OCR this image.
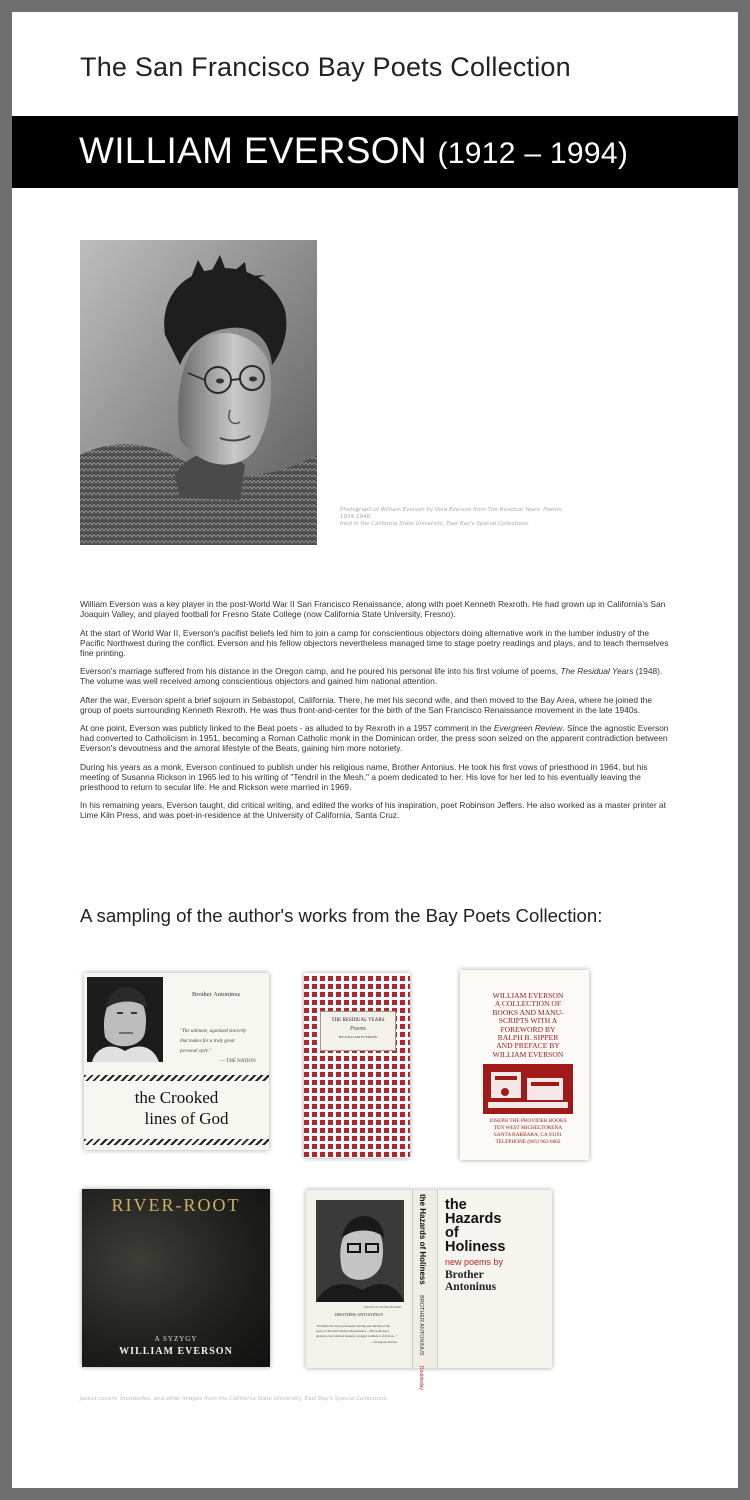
The San Francisco Bay Poets Collection
WILLIAM EVERSON (1912 – 1994)
Photograph of William Everson by Vera Everson from The Residual Years: Poems, 1934-1948,
held in the California State University, East Bay's Special Collections.

William Everson was a key player in the post-World War II San Francisco Renaissance, along with poet Kenneth Rexroth. He had grown up in California's San Joaquin Valley, and played football for Fresno State College (now California State University, Fresno).

At the start of World War II, Everson's pacifist beliefs led him to join a camp for conscientious objectors doing alternative work in the lumber industry of the Pacific Northwest during the conflict. Everson and his fellow objectors nevertheless managed time to stage poetry readings and plays, and to teach themselves fine printing.

Everson's marriage suffered from his distance in the Oregon camp, and he poured his personal life into his first volume of poems, The Residual Years (1948). The volume was well received among conscientious objectors and gained him national attention.

After the war, Everson spent a brief sojourn in Sebastopol, California. There, he met his second wife, and then moved to the Bay Area, where he joined the group of poets surrounding Kenneth Rexroth. He was thus front-and-center for the birth of the San Francisco Renaissance movement in the late 1940s.

At one point, Everson was publicly linked to the Beat poets - as alluded to by Rexroth in a 1957 comment in the Evergreen Review. Since the agnostic Everson had converted to Catholicism in 1951, becoming a Roman Catholic monk in the Dominican order, the press soon seized on the apparent contradiction between Everson's devoutness and the amoral lifestyle of the Beats, gaining him more notoriety.

During his years as a monk, Everson continued to publish under his religious name, Brother Antonius. He took his first vows of priesthood in 1964, but his meeting of Susanna Rickson in 1965 led to his writing of "Tendril in the Mesh," a poem dedicated to her. His love for her led to his eventually leaving the priesthood to return to secular life. He and Rickson were married in 1969.

In his remaining years, Everson taught, did critical writing, and edited the works of his inspiration, poet Robinson Jeffers. He also worked as a master printer at Lime Kiln Press, and was poet-in-residence at the University of California, Santa Cruz.

A sampling of the author's works from the Bay Poets Collection:
Brother Antoninus
"The ultimate, agonized sincerity
that makes for a truly great
personal style."
— THE NATION
the Crooked
lines of God
THE RESIDUAL YEARS
Poems
BY WILLIAM EVERSON
WILLIAM EVERSON
A COLLECTION OF
BOOKS AND MANU-
SCRIPTS WITH A
FOREWORD BY
RALPH B. SIPPER
AND PREFACE BY
WILLIAM EVERSON
JOSEPH THE PROVIDER BOOKS
TEN WEST MICHELTORENA
SANTA BARBARA, CA 93101
TELEPHONE (805) 962-6862
RIVER-ROOT
A SYZYGY
WILLIAM EVERSON
PHOTO BY ROSE MANDEL
BROTHER ANTONINUS
"Probably the most profoundly moving and durable of the
poets of the San Francisco Renaissance ... His work has a
gnarled, even tortured honesty, a rugged resilience of diction..."
— Evergreen Review
the Hazards of Holiness BROTHER ANTONINUS Doubleday
the
Hazards
of
Holiness
new poems by
Brother
Antoninus
Jacket covers, broadsides, and other images from the California State University, East Bay's Special Collections.
